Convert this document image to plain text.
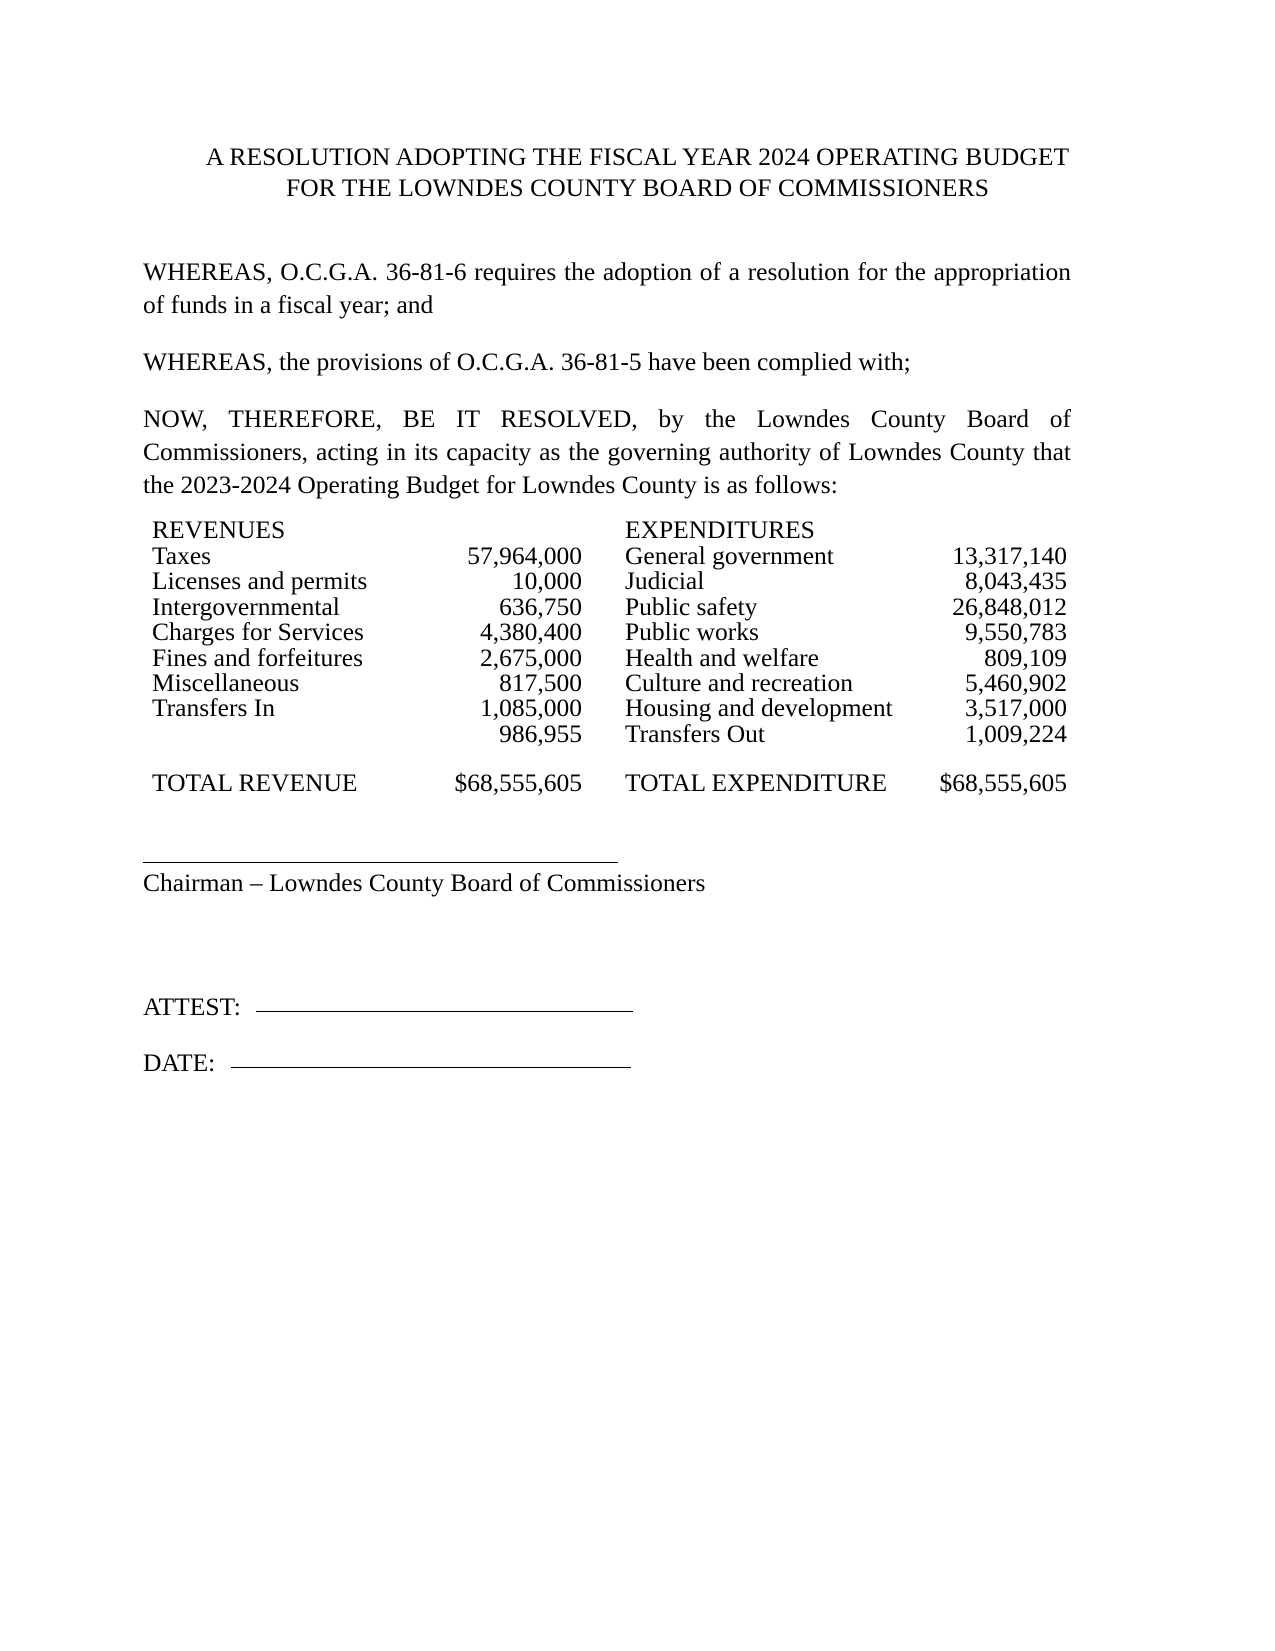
A RESOLUTION ADOPTING THE FISCAL YEAR 2024 OPERATING BUDGET
FOR THE LOWNDES COUNTY BOARD OF COMMISSIONERS

WHEREAS, O.C.G.A. 36-81-6 requires the adoption of a resolution for the appropriation of funds in a fiscal year; and

WHEREAS, the provisions of O.C.G.A. 36-81-5 have been complied with;

NOW, THEREFORE, BE IT RESOLVED, by the Lowndes County Board of Commissioners, acting in its capacity as the governing authority of Lowndes County that the 2023-2024 Operating Budget for Lowndes County is as follows:

REVENUES			EXPENDITURES	
Taxes	57,964,000		General government	13,317,140
Licenses and permits	10,000		Judicial	8,043,435
Intergovernmental	636,750		Public safety	26,848,012
Charges for Services	4,380,400		Public works	9,550,783
Fines and forfeitures	2,675,000		Health and welfare	809,109
Miscellaneous	817,500		Culture and recreation	5,460,902
Transfers In	1,085,000		Housing and development	3,517,000
	986,955		Transfers Out	1,009,224

TOTAL REVENUE	$68,555,605		TOTAL EXPENDITURE	$68,555,605
Chairman – Lowndes County Board of Commissioners
ATTEST:
DATE:
